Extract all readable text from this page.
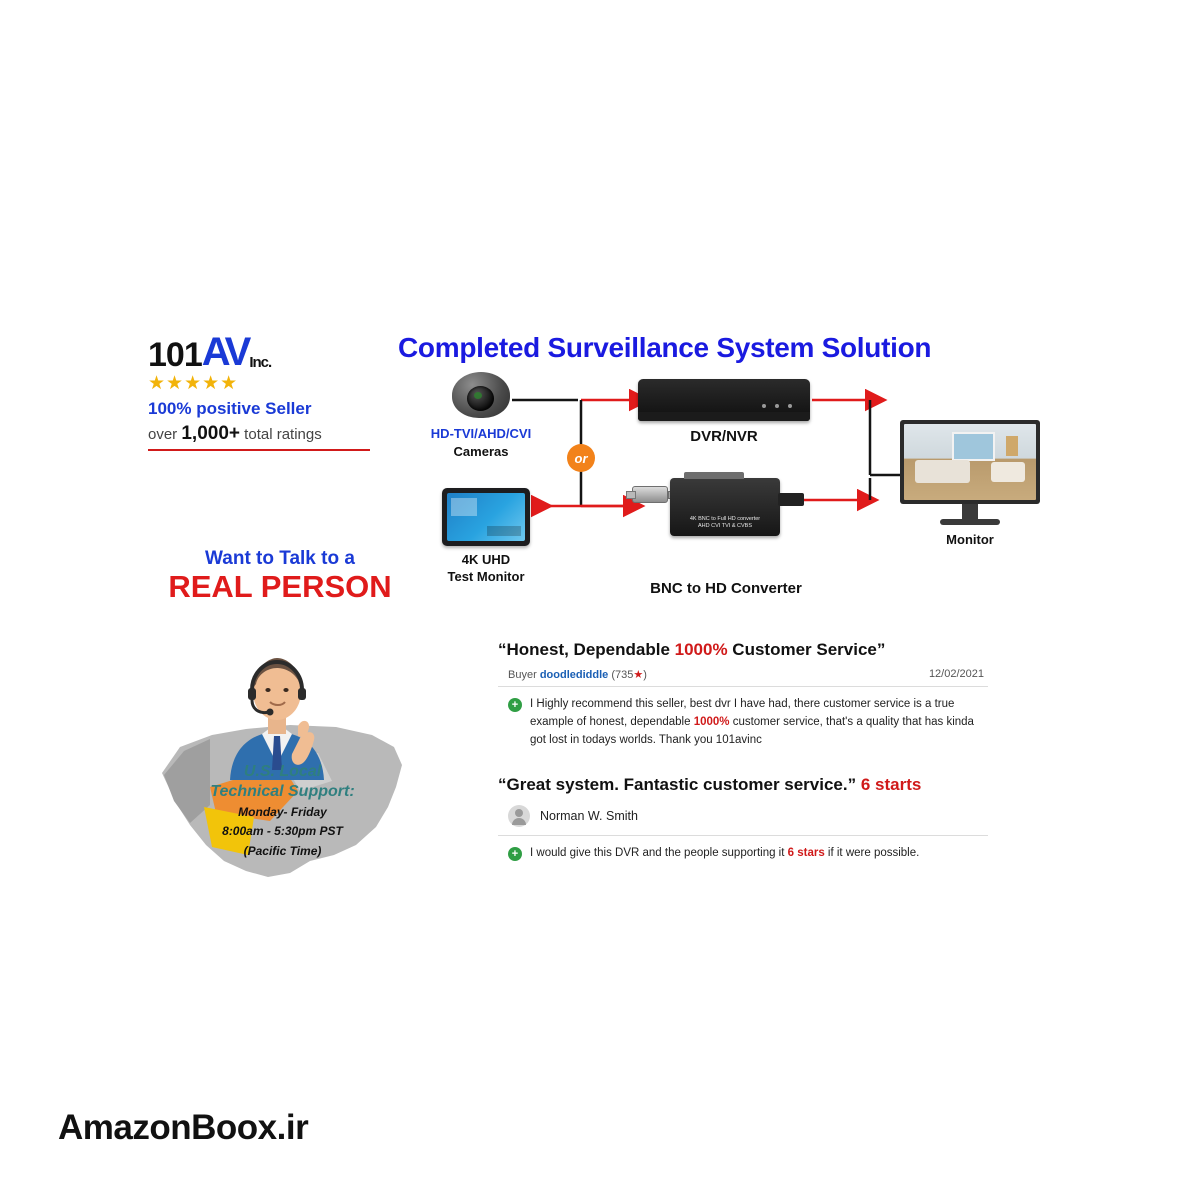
101 AV Inc.
★★★★★
100% positive Seller
over 1,000+ total ratings
Want to Talk to a
REAL PERSON
U.S. Local
Technical Support:
Monday- Friday
8:00am - 5:30pm PST
(Pacific Time)
Completed Surveillance System Solution
HD-TVI/AHD/CVI
Cameras	or
DVR/NVR
Monitor
4K UHD
Test Monitor
4K BNC to Full HD converter
AHD CVI TVI & CVBS
BNC to HD Converter
“Honest, Dependable 1000% Customer Service”
Buyer doodlediddle (735★)	12/02/2021
+	I Highly recommend this seller, best dvr I have had, there customer service is a true example of honest, dependable 1000% customer service, that's a quality that has kinda got lost in todays worlds. Thank you 101avinc
“Great system. Fantastic customer service.” 6 starts
Norman W. Smith
+	I would give this DVR and the people supporting it 6 stars if it were possible.
AmazonBoox.ir
